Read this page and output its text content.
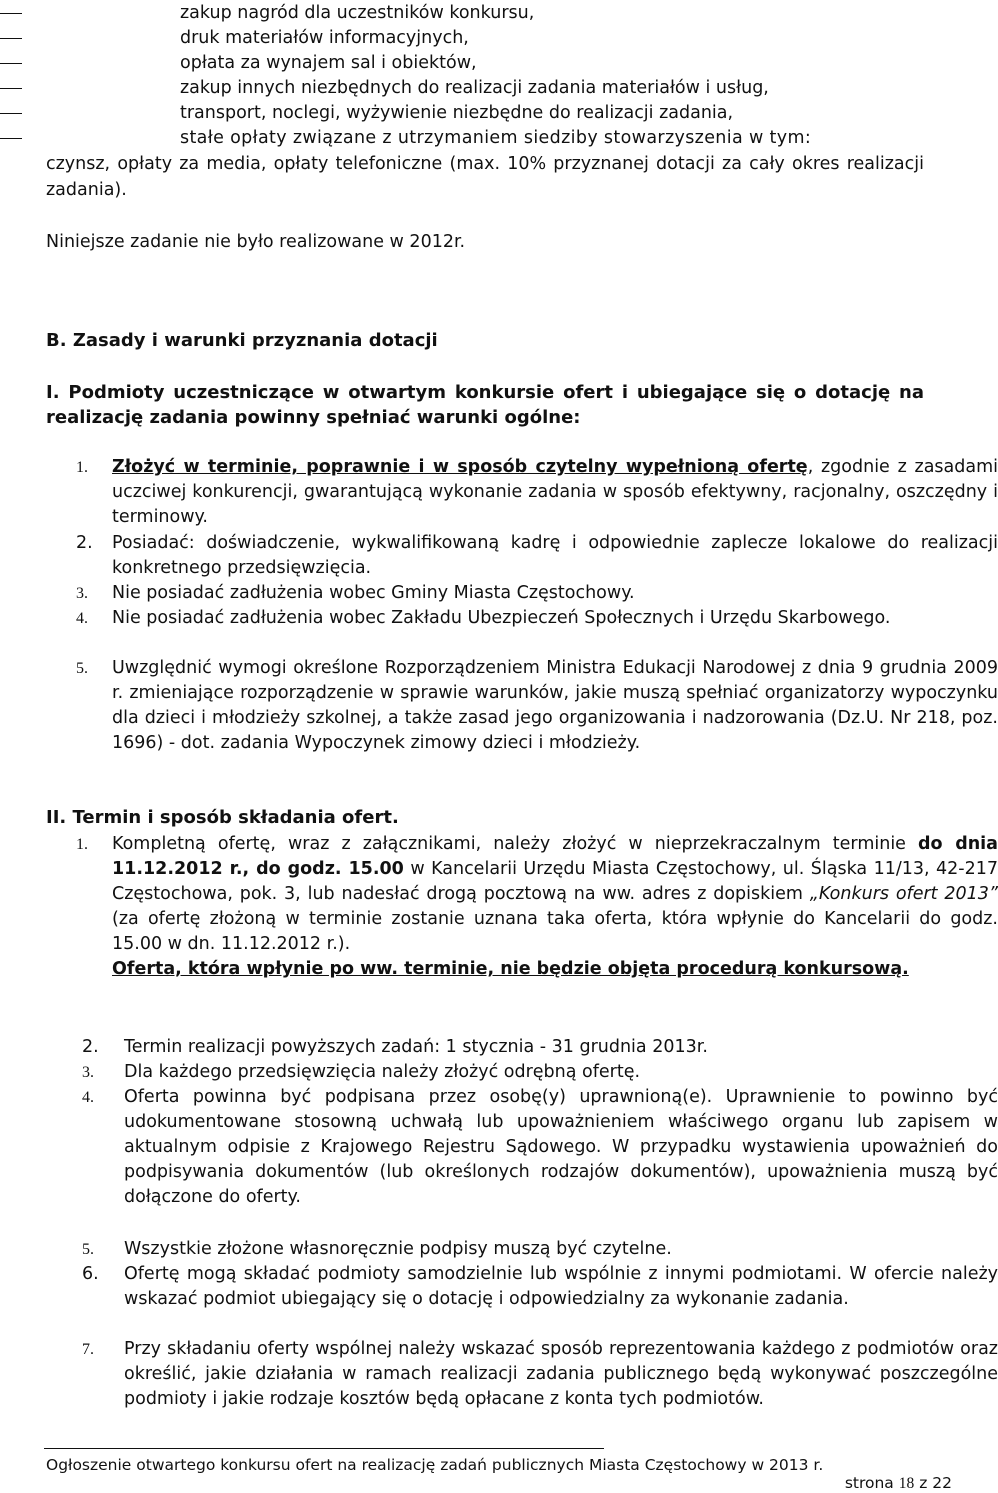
zakup nagród dla uczestników konkursu,
druk materiałów informacyjnych,
opłata za wynajem sal i obiektów,
zakup innych niezbędnych do realizacji zadania materiałów i usług,
transport, noclegi, wyżywienie niezbędne do realizacji zadania,
stałe opłaty związane z utrzymaniem siedziby stowarzyszenia w tym:
czynsz, opłaty za media, opłaty telefoniczne (max. 10% przyznanej dotacji za cały okres realizacji zadania).
Niniejsze zadanie nie było realizowane w 2012r.
B. Zasady i warunki przyznania dotacji
I. Podmioty uczestniczące w otwartym konkursie ofert i ubiegające się o dotację na realizację zadania powinny spełniać warunki ogólne:
1. Złożyć w terminie, poprawnie i w sposób czytelny wypełnioną ofertę, zgodnie z zasadami uczciwej konkurencji, gwarantującą wykonanie zadania w sposób efektywny, racjonalny, oszczędny i terminowy.
2. Posiadać: doświadczenie, wykwalifikowaną kadrę i odpowiednie zaplecze lokalowe do realizacji konkretnego przedsięwzięcia.
3. Nie posiadać zadłużenia wobec Gminy Miasta Częstochowy.
4. Nie posiadać zadłużenia wobec Zakładu Ubezpieczeń Społecznych i Urzędu Skarbowego.
5. Uwzględnić wymogi określone Rozporządzeniem Ministra Edukacji Narodowej z dnia 9 grudnia 2009 r. zmieniające rozporządzenie w sprawie warunków, jakie muszą spełniać organizatorzy wypoczynku dla dzieci i młodzieży szkolnej, a także zasad jego organizowania i nadzorowania (Dz.U. Nr 218, poz. 1696) - dot. zadania Wypoczynek zimowy dzieci i młodzieży.
II. Termin i sposób składania ofert.
1. Kompletną ofertę, wraz z załącznikami, należy złożyć w nieprzekraczalnym terminie do dnia 11.12.2012 r., do godz. 15.00 w Kancelarii Urzędu Miasta Częstochowy, ul. Śląska 11/13, 42-217 Częstochowa, pok. 3, lub nadesłać drogą pocztową na ww. adres z dopiskiem „Konkurs ofert 2013” (za ofertę złożoną w terminie zostanie uznana taka oferta, która wpłynie do Kancelarii do godz. 15.00 w dn. 11.12.2012 r.).
Oferta, która wpłynie po ww. terminie, nie będzie objęta procedurą konkursową.
2. Termin realizacji powyższych zadań: 1 stycznia - 31 grudnia 2013r.
3. Dla każdego przedsięwzięcia należy złożyć odrębną ofertę.
4. Oferta powinna być podpisana przez osobę(y) uprawnioną(e). Uprawnienie to powinno być udokumentowane stosowną uchwałą lub upoważnieniem właściwego organu lub zapisem w aktualnym odpisie z Krajowego Rejestru Sądowego. W przypadku wystawienia upoważnień do podpisywania dokumentów (lub określonych rodzajów dokumentów), upoważnienia muszą być dołączone do oferty.
5. Wszystkie złożone własnoręcznie podpisy muszą być czytelne.
6. Ofertę mogą składać podmioty samodzielnie lub wspólnie z innymi podmiotami. W ofercie należy wskazać podmiot ubiegający się o dotację i odpowiedzialny za wykonanie zadania.
7. Przy składaniu oferty wspólnej należy wskazać sposób reprezentowania każdego z podmiotów oraz określić, jakie działania w ramach realizacji zadania publicznego będą wykonywać poszczególne podmioty i jakie rodzaje kosztów będą opłacane z konta tych podmiotów.
Ogłoszenie otwartego konkursu ofert na realizację zadań publicznych Miasta Częstochowy w 2013 r.
strona 18 z 22
